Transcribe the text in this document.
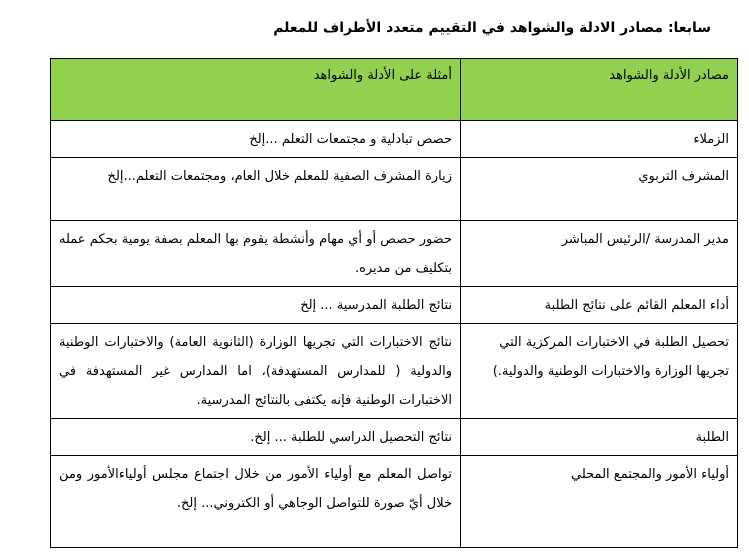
سابعا: مصادر الادلة والشواهد في التقييم متعدد الأطراف للمعلم
مصادر الأدلة والشواهد	أمثلة على الأدلة والشواهد
الزملاء	حصص تبادلية و مجتمعات التعلم ...إلخ
المشرف التربوي	زيارة المشرف الصفية للمعلم خلال العام، ومجتمعات التعلم...إلخ
مدير المدرسة /الرئيس المباشر	حضور حصص أو أي مهام وأنشطة يقوم بها المعلم بصفة يومية بحكم عمله بتكليف من مديره.
أداء المعلم القائم على نتائج الطلبة	نتائج الطلبة المدرسية ... إلخ
تحصيل الطلبة في الاختبارات المركزية التي تجريها الوزارة والاختبارات الوطنية والدولية.)	نتائج الاختبارات التي تجريها الوزارة (الثانوية العامة) والاختبارات الوطنية والدولية ( للمدارس المستهدفة)، اما المدارس غير المستهدفة في الاختبارات الوطنية فإنه يكتفى بالنتائج المدرسية.
الطلبة	نتائج التحصيل الدراسي للطلبة ... إلخ.
أولياء الأمور والمجتمع المحلي	تواصل المعلم مع أولياء الأمور من خلال اجتماع مجلس أولياءالأمور ومن خلال أيّ صورة للتواصل الوجاهي أو الكتروني... إلخ.
